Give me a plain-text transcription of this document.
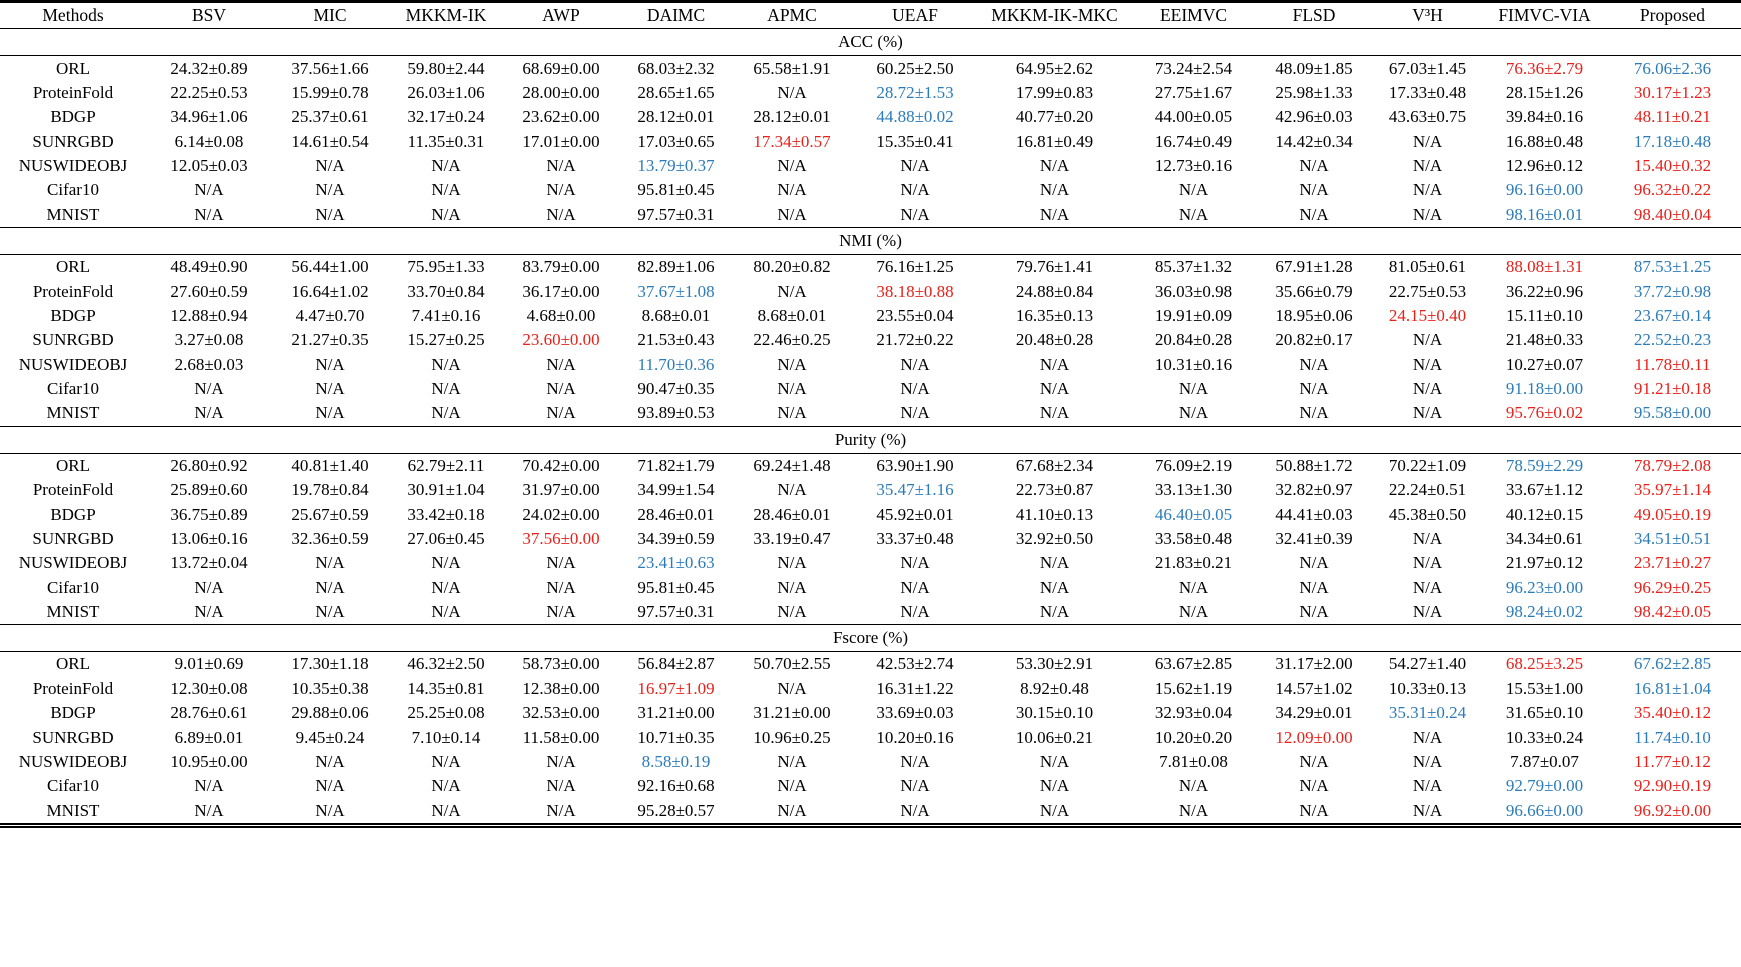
Methods	BSV	MIC	MKKM-IK	AWP	DAIMC	APMC	UEAF	MKKM-IK-MKC	EEIMVC	FLSD	V³H	FIMVC-VIA	Proposed
ACC (%)													
ORL	24.32±0.89	37.56±1.66	59.80±2.44	68.69±0.00	68.03±2.32	65.58±1.91	60.25±2.50	64.95±2.62	73.24±2.54	48.09±1.85	67.03±1.45	76.36±2.79	76.06±2.36
ProteinFold	22.25±0.53	15.99±0.78	26.03±1.06	28.00±0.00	28.65±1.65	N/A	28.72±1.53	17.99±0.83	27.75±1.67	25.98±1.33	17.33±0.48	28.15±1.26	30.17±1.23
BDGP	34.96±1.06	25.37±0.61	32.17±0.24	23.62±0.00	28.12±0.01	28.12±0.01	44.88±0.02	40.77±0.20	44.00±0.05	42.96±0.03	43.63±0.75	39.84±0.16	48.11±0.21
SUNRGBD	6.14±0.08	14.61±0.54	11.35±0.31	17.01±0.00	17.03±0.65	17.34±0.57	15.35±0.41	16.81±0.49	16.74±0.49	14.42±0.34	N/A	16.88±0.48	17.18±0.48
NUSWIDEOBJ	12.05±0.03	N/A	N/A	N/A	13.79±0.37	N/A	N/A	N/A	12.73±0.16	N/A	N/A	12.96±0.12	15.40±0.32
Cifar10	N/A	N/A	N/A	N/A	95.81±0.45	N/A	N/A	N/A	N/A	N/A	N/A	96.16±0.00	96.32±0.22
MNIST	N/A	N/A	N/A	N/A	97.57±0.31	N/A	N/A	N/A	N/A	N/A	N/A	98.16±0.01	98.40±0.04
NMI (%)													
ORL	48.49±0.90	56.44±1.00	75.95±1.33	83.79±0.00	82.89±1.06	80.20±0.82	76.16±1.25	79.76±1.41	85.37±1.32	67.91±1.28	81.05±0.61	88.08±1.31	87.53±1.25
ProteinFold	27.60±0.59	16.64±1.02	33.70±0.84	36.17±0.00	37.67±1.08	N/A	38.18±0.88	24.88±0.84	36.03±0.98	35.66±0.79	22.75±0.53	36.22±0.96	37.72±0.98
BDGP	12.88±0.94	4.47±0.70	7.41±0.16	4.68±0.00	8.68±0.01	8.68±0.01	23.55±0.04	16.35±0.13	19.91±0.09	18.95±0.06	24.15±0.40	15.11±0.10	23.67±0.14
SUNRGBD	3.27±0.08	21.27±0.35	15.27±0.25	23.60±0.00	21.53±0.43	22.46±0.25	21.72±0.22	20.48±0.28	20.84±0.28	20.82±0.17	N/A	21.48±0.33	22.52±0.23
NUSWIDEOBJ	2.68±0.03	N/A	N/A	N/A	11.70±0.36	N/A	N/A	N/A	10.31±0.16	N/A	N/A	10.27±0.07	11.78±0.11
Cifar10	N/A	N/A	N/A	N/A	90.47±0.35	N/A	N/A	N/A	N/A	N/A	N/A	91.18±0.00	91.21±0.18
MNIST	N/A	N/A	N/A	N/A	93.89±0.53	N/A	N/A	N/A	N/A	N/A	N/A	95.76±0.02	95.58±0.00
Purity (%)													
ORL	26.80±0.92	40.81±1.40	62.79±2.11	70.42±0.00	71.82±1.79	69.24±1.48	63.90±1.90	67.68±2.34	76.09±2.19	50.88±1.72	70.22±1.09	78.59±2.29	78.79±2.08
ProteinFold	25.89±0.60	19.78±0.84	30.91±1.04	31.97±0.00	34.99±1.54	N/A	35.47±1.16	22.73±0.87	33.13±1.30	32.82±0.97	22.24±0.51	33.67±1.12	35.97±1.14
BDGP	36.75±0.89	25.67±0.59	33.42±0.18	24.02±0.00	28.46±0.01	28.46±0.01	45.92±0.01	41.10±0.13	46.40±0.05	44.41±0.03	45.38±0.50	40.12±0.15	49.05±0.19
SUNRGBD	13.06±0.16	32.36±0.59	27.06±0.45	37.56±0.00	34.39±0.59	33.19±0.47	33.37±0.48	32.92±0.50	33.58±0.48	32.41±0.39	N/A	34.34±0.61	34.51±0.51
NUSWIDEOBJ	13.72±0.04	N/A	N/A	N/A	23.41±0.63	N/A	N/A	N/A	21.83±0.21	N/A	N/A	21.97±0.12	23.71±0.27
Cifar10	N/A	N/A	N/A	N/A	95.81±0.45	N/A	N/A	N/A	N/A	N/A	N/A	96.23±0.00	96.29±0.25
MNIST	N/A	N/A	N/A	N/A	97.57±0.31	N/A	N/A	N/A	N/A	N/A	N/A	98.24±0.02	98.42±0.05
Fscore (%)													
ORL	9.01±0.69	17.30±1.18	46.32±2.50	58.73±0.00	56.84±2.87	50.70±2.55	42.53±2.74	53.30±2.91	63.67±2.85	31.17±2.00	54.27±1.40	68.25±3.25	67.62±2.85
ProteinFold	12.30±0.08	10.35±0.38	14.35±0.81	12.38±0.00	16.97±1.09	N/A	16.31±1.22	8.92±0.48	15.62±1.19	14.57±1.02	10.33±0.13	15.53±1.00	16.81±1.04
BDGP	28.76±0.61	29.88±0.06	25.25±0.08	32.53±0.00	31.21±0.00	31.21±0.00	33.69±0.03	30.15±0.10	32.93±0.04	34.29±0.01	35.31±0.24	31.65±0.10	35.40±0.12
SUNRGBD	6.89±0.01	9.45±0.24	7.10±0.14	11.58±0.00	10.71±0.35	10.96±0.25	10.20±0.16	10.06±0.21	10.20±0.20	12.09±0.00	N/A	10.33±0.24	11.74±0.10
NUSWIDEOBJ	10.95±0.00	N/A	N/A	N/A	8.58±0.19	N/A	N/A	N/A	7.81±0.08	N/A	N/A	7.87±0.07	11.77±0.12
Cifar10	N/A	N/A	N/A	N/A	92.16±0.68	N/A	N/A	N/A	N/A	N/A	N/A	92.79±0.00	92.90±0.19
MNIST	N/A	N/A	N/A	N/A	95.28±0.57	N/A	N/A	N/A	N/A	N/A	N/A	96.66±0.00	96.92±0.00
